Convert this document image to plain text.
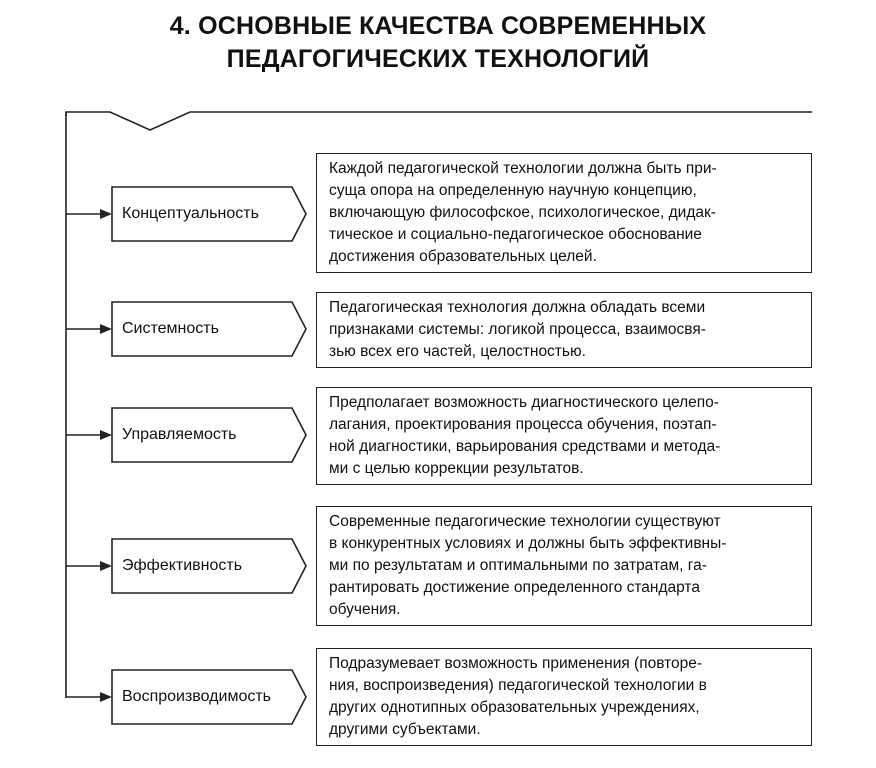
4. ОСНОВНЫЕ КАЧЕСТВА СОВРЕМЕННЫХ
ПЕДАГОГИЧЕСКИХ ТЕХНОЛОГИЙ
Концептуальность
Системность
Управляемость
Эффективность
Воспроизводимость
Каждой педагогической технологии должна быть при-
суща опора на определенную научную концепцию,
включающую философское, психологическое, дидак-
тическое и социально-педагогическое обоснование
достижения образовательных целей.
Педагогическая технология должна обладать всеми
признаками системы: логикой процесса, взаимосвя-
зью всех его частей, целостностью.
Предполагает возможность диагностического целепо-
лагания, проектирования процесса обучения, поэтап-
ной диагностики, варьирования средствами и метода-
ми с целью коррекции результатов.
Современные педагогические технологии существуют
в конкурентных условиях и должны быть эффективны-
ми по результатам и оптимальными по затратам, га-
рантировать достижение определенного стандарта
обучения.
Подразумевает возможность применения (повторе-
ния, воспроизведения) педагогической технологии в
других однотипных образовательных учреждениях,
другими субъектами.
